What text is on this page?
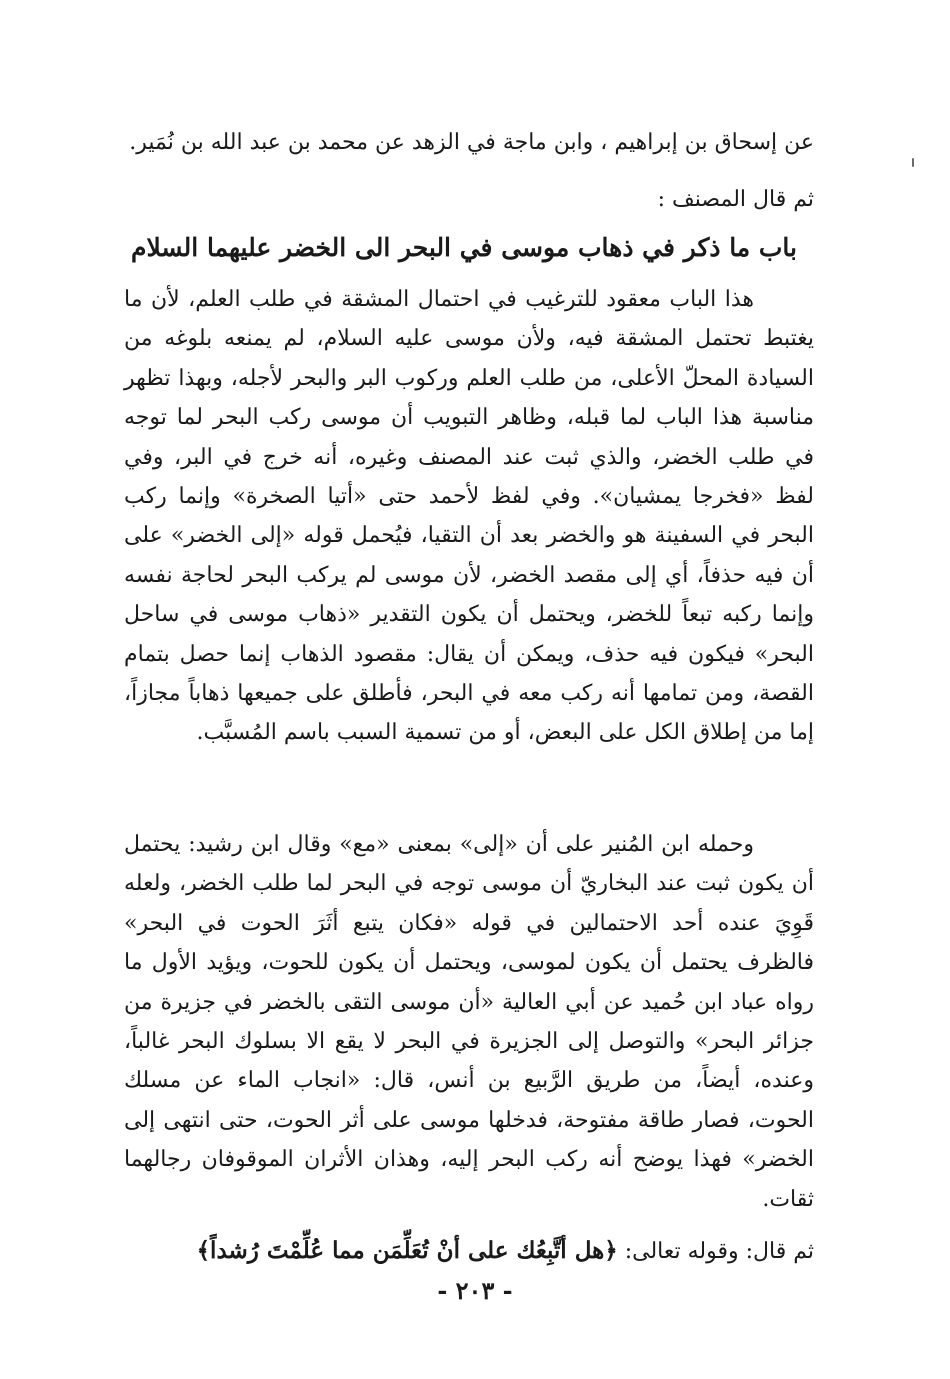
عن إسحاق بن إبراهيم ، وابن ماجة في الزهد عن محمد بن عبد الله بن نُمَير.
ثم قال المصنف :
باب ما ذكر في ذهاب موسى في البحر الى الخضر عليهما السلام
هذا الباب معقود للترغيب في احتمال المشقة في طلب العلم، لأن ما يغتبط تحتمل المشقة فيه، ولأن موسى عليه السلام، لم يمنعه بلوغه من السيادة المحلّ الأعلى، من طلب العلم وركوب البر والبحر لأجله، وبهذا تظهر مناسبة هذا الباب لما قبله، وظاهر التبويب أن موسى ركب البحر لما توجه في طلب الخضر، والذي ثبت عند المصنف وغيره، أنه خرج في البر، وفي لفظ «فخرجا يمشيان». وفي لفظ لأحمد حتى «أتيا الصخرة» وإنما ركب البحر في السفينة هو والخضر بعد أن التقيا، فيُحمل قوله «إلى الخضر» على أن فيه حذفاً، أي إلى مقصد الخضر، لأن موسى لم يركب البحر لحاجة نفسه وإنما ركبه تبعاً للخضر، ويحتمل أن يكون التقدير «ذهاب موسى في ساحل البحر» فيكون فيه حذف، ويمكن أن يقال: مقصود الذهاب إنما حصل بتمام القصة، ومن تمامها أنه ركب معه في البحر، فأطلق على جميعها ذهاباً مجازاً، إما من إطلاق الكل على البعض، أو من تسمية السبب باسم المُسبَّب.
وحمله ابن المُنير على أن «إلى» بمعنى «مع» وقال ابن رشيد: يحتمل أن يكون ثبت عند البخاريّ أن موسى توجه في البحر لما طلب الخضر، ولعله قَوِيَ عنده أحد الاحتمالين في قوله «فكان يتبع أثَرَ الحوت في البحر» فالظرف يحتمل أن يكون لموسى، ويحتمل أن يكون للحوت، ويؤيد الأول ما رواه عباد ابن حُميد عن أبي العالية «أن موسى التقى بالخضر في جزيرة من جزائر البحر» والتوصل إلى الجزيرة في البحر لا يقع الا بسلوك البحر غالباً، وعنده، أيضاً، من طريق الرَّبيع بن أنس، قال: «انجاب الماء عن مسلك الحوت، فصار طاقة مفتوحة، فدخلها موسى على أثر الحوت، حتى انتهى إلى الخضر» فهذا يوضح أنه ركب البحر إليه، وهذان الأثران الموقوفان رجالهما ثقات.
ثم قال: وقوله تعالى: ﴿هل أتَّبِعُك على أنْ تُعَلِّمَن مما عُلِّمْتَ رُشداً﴾
- ٢٠٣ -
